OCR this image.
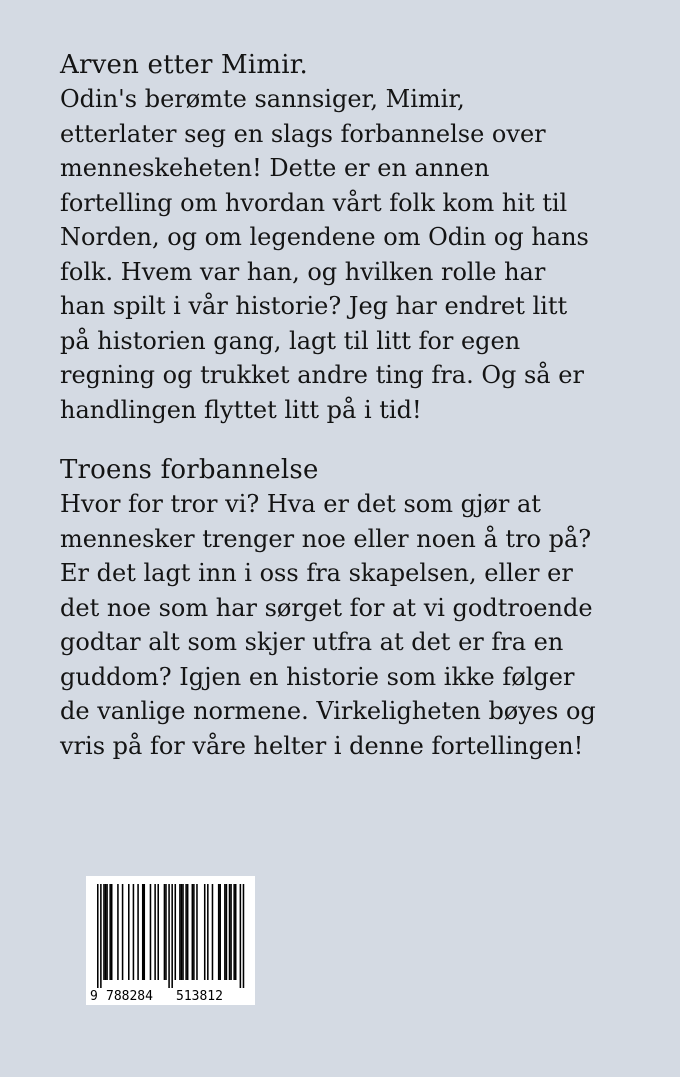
Arven etter Mimir.

Odin's berømte sannsiger, Mimir,

etterlater seg en slags forbannelse over

menneskeheten! Dette er en annen

fortelling om hvordan vårt folk kom hit til

Norden, og om legendene om Odin og hans

folk. Hvem var han, og hvilken rolle har

han spilt i vår historie? Jeg har endret litt

på historien gang, lagt til litt for egen

regning og trukket andre ting fra. Og så er

handlingen flyttet litt på i tid!

Troens forbannelse

Hvor for tror vi? Hva er det som gjør at

mennesker trenger noe eller noen å tro på?

Er det lagt inn i oss fra skapelsen, eller er

det noe som har sørget for at vi godtroende

godtar alt som skjer utfra at det er fra en

guddom? Igjen en historie som ikke følger

de vanlige normene. Virkeligheten bøyes og

vris på for våre helter i denne fortellingen!

9 788284 513812
